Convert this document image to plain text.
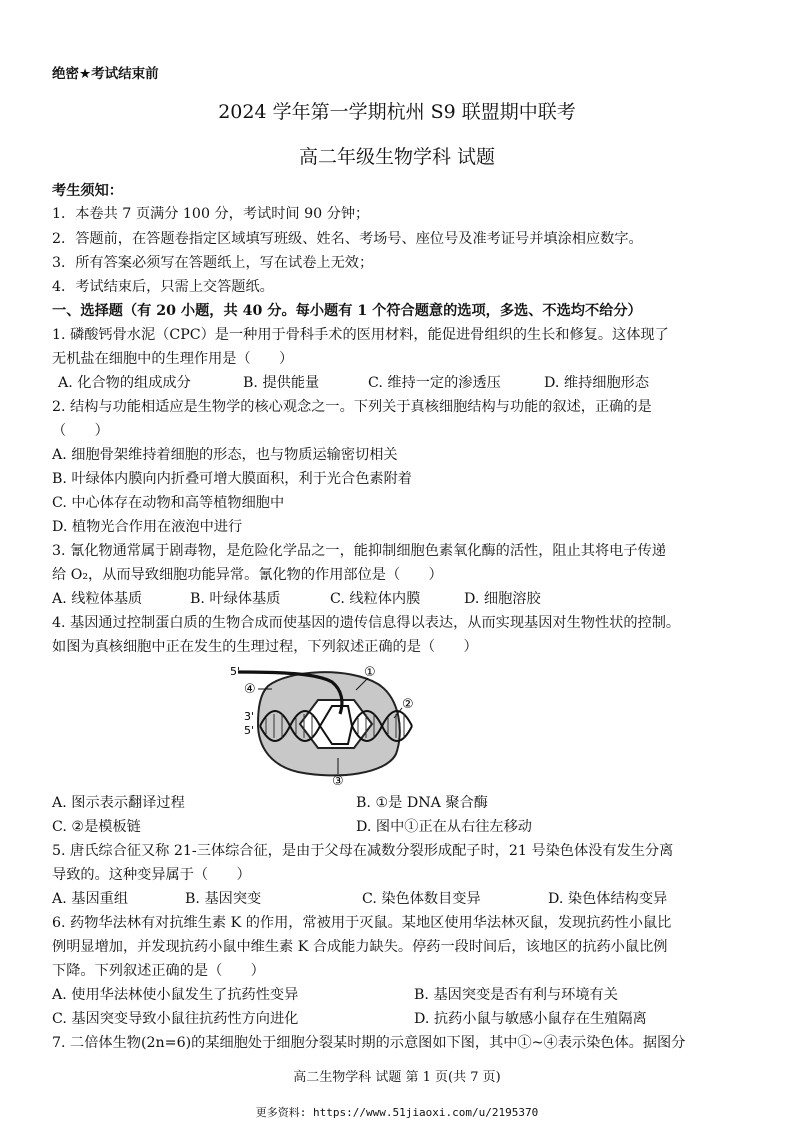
绝密★考试结束前
2024 学年第一学期杭州 S9 联盟期中联考
高二年级生物学科 试题
考生须知：
1．本卷共 7 页满分 100 分，考试时间 90 分钟；
2．答题前，在答题卷指定区域填写班级、姓名、考场号、座位号及准考证号并填涂相应数字。
3．所有答案必须写在答题纸上，写在试卷上无效；
4．考试结束后，只需上交答题纸。
一、选择题（有 20 小题，共 40 分。每小题有 1 个符合题意的选项，多选、不选均不给分）
1. 磷酸钙骨水泥（CPC）是一种用于骨科手术的医用材料，能促进骨组织的生长和修复。这体现了
无机盐在细胞中的生理作用是（　　）
A. 化合物的组成成分	B. 提供能量	C. 维持一定的渗透压	D. 维持细胞形态
2. 结构与功能相适应是生物学的核心观念之一。下列关于真核细胞结构与功能的叙述，正确的是
（　　）
A. 细胞骨架维持着细胞的形态，也与物质运输密切相关
B. 叶绿体内膜向内折叠可增大膜面积，利于光合色素附着
C. 中心体存在动物和高等植物细胞中
D. 植物光合作用在液泡中进行
3. 氰化物通常属于剧毒物，是危险化学品之一，能抑制细胞色素氧化酶的活性，阻止其将电子传递
给 O₂，从而导致细胞功能异常。氰化物的作用部位是（　　）
A. 线粒体基质	B. 叶绿体基质	C. 线粒体内膜	D. 细胞溶胶
4. 基因通过控制蛋白质的生物合成而使基因的遗传信息得以表达，从而实现基因对生物性状的控制。
如图为真核细胞中正在发生的生理过程，下列叙述正确的是（　　）
5'
3'
5'
①
②
③
④
A. 图示表示翻译过程	B. ①是 DNA 聚合酶
C. ②是模板链	D. 图中①正在从右往左移动
5. 唐氏综合征又称 21-三体综合征，是由于父母在减数分裂形成配子时，21 号染色体没有发生分离
导致的。这种变异属于（　　）
A. 基因重组	B. 基因突变	C. 染色体数目变异	D. 染色体结构变异
6. 药物华法林有对抗维生素 K 的作用，常被用于灭鼠。某地区使用华法林灭鼠，发现抗药性小鼠比
例明显增加，并发现抗药小鼠中维生素 K 合成能力缺失。停药一段时间后，该地区的抗药小鼠比例
下降。下列叙述正确的是（　　）
A. 使用华法林使小鼠发生了抗药性变异	B. 基因突变是否有利与环境有关
C. 基因突变导致小鼠往抗药性方向进化	D. 抗药小鼠与敏感小鼠存在生殖隔离
7. 二倍体生物(2n=6)的某细胞处于细胞分裂某时期的示意图如下图，其中①~④表示染色体。据图分
高二生物学科 试题 第 1 页(共 7 页)
更多资料: https://www.51jiaoxi.com/u/2195370
